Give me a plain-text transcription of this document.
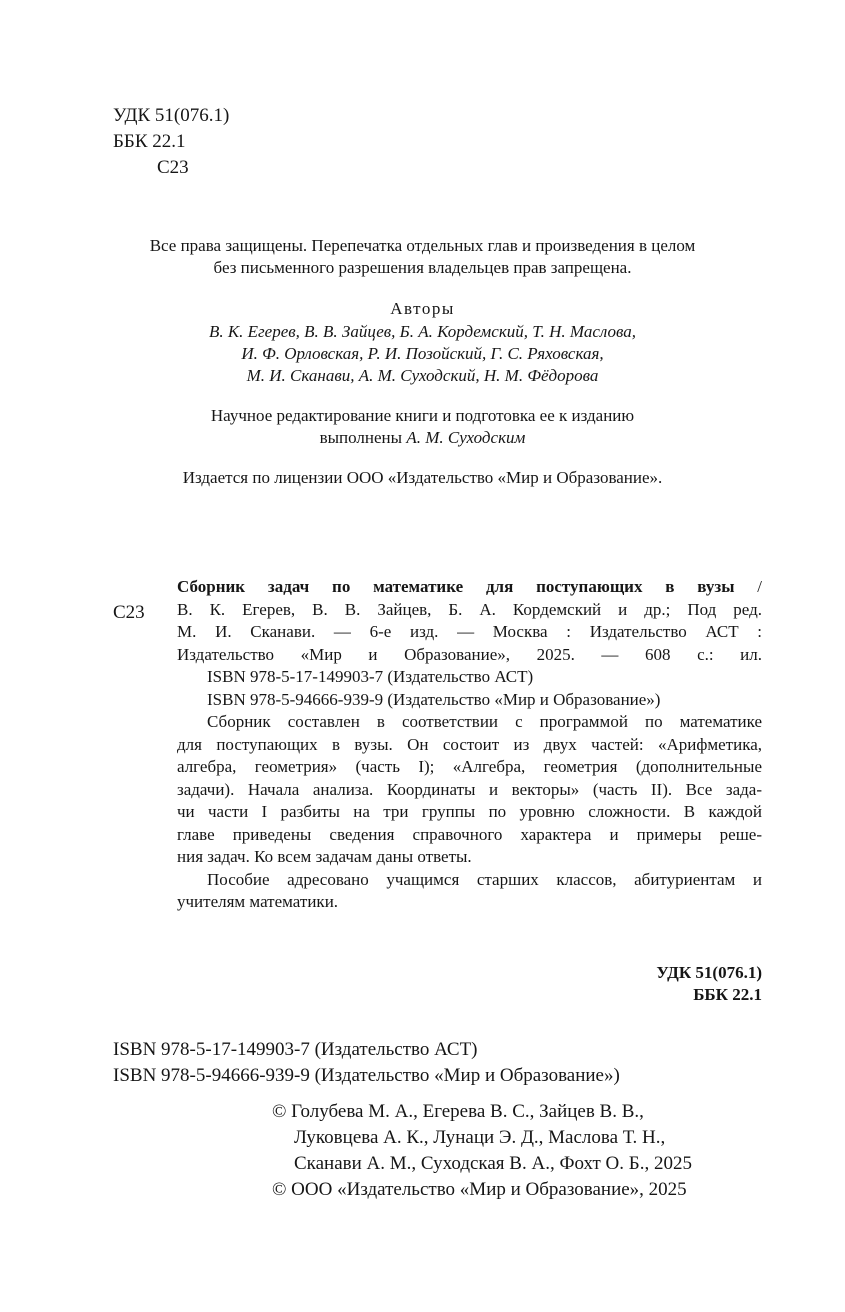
УДК 51(076.1)
ББК 22.1
С23
Все права защищены. Перепечатка отдельных глав и произведения в целом
без письменного разрешения владельцев прав запрещена.
Авторы
В. К. Егерев, В. В. Зайцев, Б. А. Кордемский, Т. Н. Маслова,
И. Ф. Орловская, Р. И. Позойский, Г. С. Ряховская,
М. И. Сканави, А. М. Суходский, Н. М. Фёдорова
Научное редактирование книги и подготовка ее к изданию
выполнены А. М. Суходским
Издается по лицензии ООО «Издательство «Мир и Образование».
С23

Сборник задач по математике для поступающих в вузы /

В. К. Егерев, В. В. Зайцев, Б. А. Кордемский и др.; Под ред.

М. И. Сканави. — 6-е изд. — Москва : Издательство АСТ :

Издательство «Мир и Образование», 2025. — 608 с.: ил.

ISBN 978-5-17-149903-7 (Издательство АСТ)

ISBN 978-5-94666-939-9 (Издательство «Мир и Образование»)

Сборник составлен в соответствии с программой по математике

для поступающих в вузы. Он состоит из двух частей: «Арифметика,

алгебра, геометрия» (часть I); «Алгебра, геометрия (дополнительные

задачи). Начала анализа. Координаты и векторы» (часть II). Все зада-

чи части I разбиты на три группы по уровню сложности. В каждой

главе приведены сведения справочного характера и примеры реше-

ния задач. Ко всем задачам даны ответы.

Пособие адресовано учащимся старших классов, абитуриентам и

учителям математики.

УДК 51(076.1)
ББК 22.1
ISBN 978-5-17-149903-7 (Издательство АСТ)
ISBN 978-5-94666-939-9 (Издательство «Мир и Образование»)
© Голубева М. А., Егерева В. С., Зайцев В. В.,
Луковцева А. К., Лунаци Э. Д., Маслова Т. Н.,
Сканави А. М., Суходская В. А., Фохт О. Б., 2025
© ООО «Издательство «Мир и Образование», 2025
